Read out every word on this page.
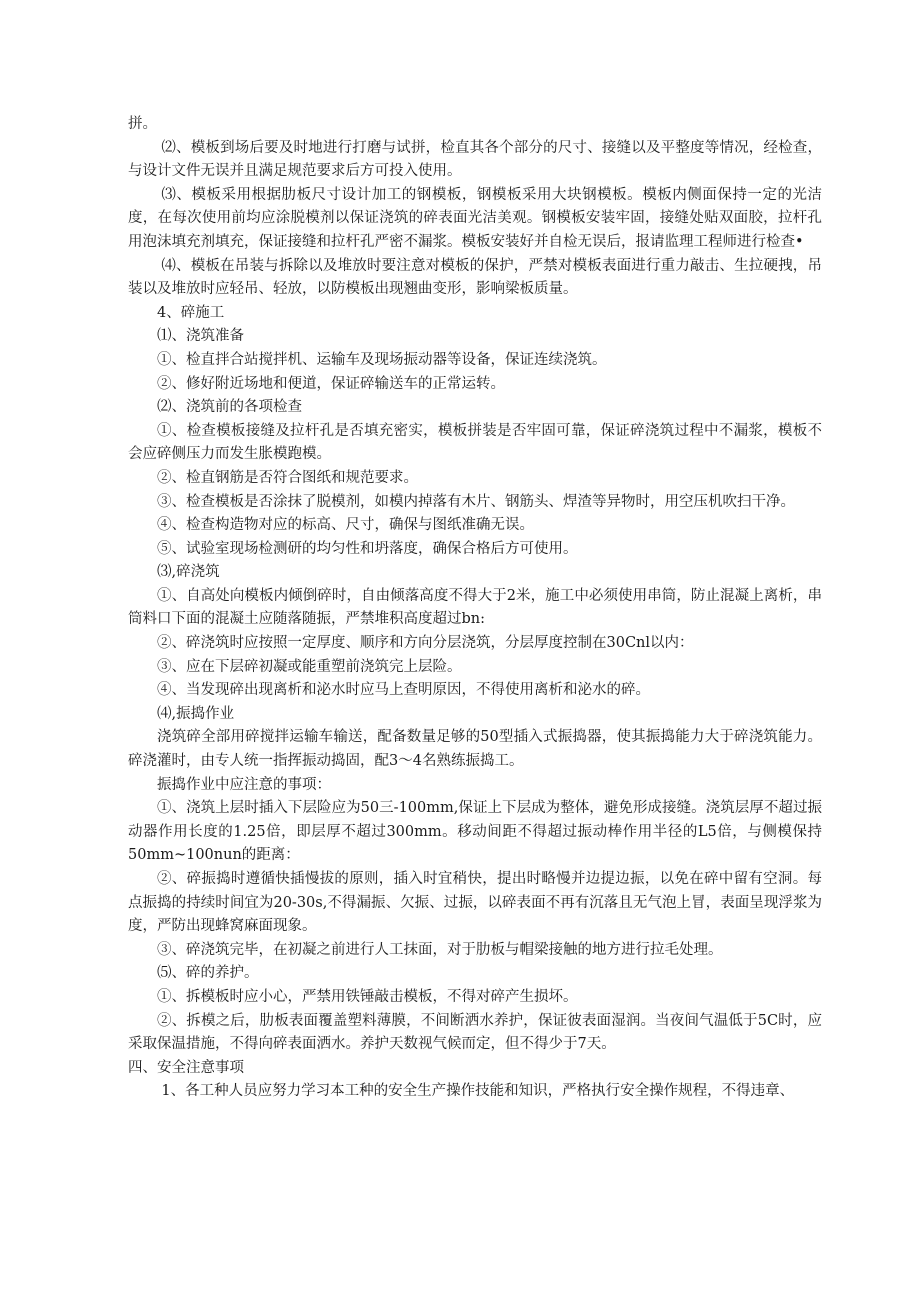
拼。

⑵、模板到场后要及时地进行打磨与试拼，检直其各个部分的尺寸、接缝以及平整度等情况，经检查，与设计文件无误并且满足规范要求后方可投入使用。

⑶、模板采用根据肋板尺寸设计加工的钢模板，钢模板采用大块钢模板。模板内侧面保持一定的光洁度，在每次使用前均应涂脱模剂以保证浇筑的碎表面光洁美观。钢模板安装牢固，接缝处贴双面胶，拉杆孔用泡沫填充剂填充，保证接缝和拉杆孔严密不漏浆。模板安装好并自检无误后，报请监理工程师进行检查•

⑷、模板在吊装与拆除以及堆放时要注意对模板的保护，严禁对模板表面进行重力敲击、生拉硬拽，吊装以及堆放时应轻吊、轻放，以防模板出现翘曲变形，影响梁板质量。

4、碎施工

⑴、浇筑准备

①、检直拌合站搅拌机、运输车及现场振动器等设备，保证连续浇筑。

②、修好附近场地和便道，保证碎输送车的正常运转。

⑵、浇筑前的各项检查

①、检查模板接缝及拉杆孔是否填充密实，模板拼装是否牢固可靠，保证碎浇筑过程中不漏浆，模板不会应碎侧压力而发生胀模跑模。

②、检直钢筋是否符合图纸和规范要求。

③、检查模板是否涂抹了脱模剂，如模内掉落有木片、钢筋头、焊渣等异物时，用空压机吹扫干净。

④、检查构造物对应的标高、尺寸，确保与图纸准确无误。

⑤、试验室现场检测研的均匀性和坍落度，确保合格后方可使用。

⑶,碎浇筑

①、自高处向模板内倾倒碎时，自由倾落高度不得大于2米，施工中必须使用串筒，防止混凝上离析，串筒料口下面的混凝土应随落随振，严禁堆积高度超过bn:

②、碎浇筑时应按照一定厚度、顺序和方向分层浇筑，分层厚度控制在30Cnl以内：

③、应在下层碎初凝或能重塑前浇筑完上层险。

④、当发现碎出现离析和泌水时应马上查明原因，不得使用离析和泌水的碎。

⑷,振捣作业

浇筑碎全部用碎搅拌运输车输送，配备数量足够的50型插入式振捣器，使其振捣能力大于碎浇筑能力。碎浇灌时，由专人统一指挥振动捣固，配3～4名熟练振捣工。

振捣作业中应注意的事项：

①、浇筑上层时插入下层险应为50三-100mm,保证上下层成为整体，避免形成接缝。浇筑层厚不超过振动器作用长度的1.25倍，即层厚不超过300mm。移动间距不得超过振动棒作用半径的L5倍，与侧模保持50mm~100nun的距离：

②、碎振捣时遵循快插慢拔的原则，插入时宜稍快，提出时略慢并边提边振，以免在碎中留有空洞。每点振捣的持续时间宜为20-30s,不得漏振、欠振、过振，以碎表面不再有沉落且无气泡上冒，表面呈现浮浆为度，严防出现蜂窝麻面现象。

③、碎浇筑完毕，在初凝之前进行人工抹面，对于肋板与帽梁接触的地方进行拉毛处理。

⑸、碎的养护。

①、拆模板时应小心，严禁用铁锤敲击模板，不得对碎产生损坏。

②、拆模之后，肋板表面覆盖塑料薄膜，不间断洒水养护，保证彼表面湿润。当夜间气温低于5C时，应采取保温措施，不得向碎表面洒水。养护天数视气候而定，但不得少于7天。

四、安全注意事项

1、各工种人员应努力学习本工种的安全生产操作技能和知识，严格执行安全操作规程，不得违章、
